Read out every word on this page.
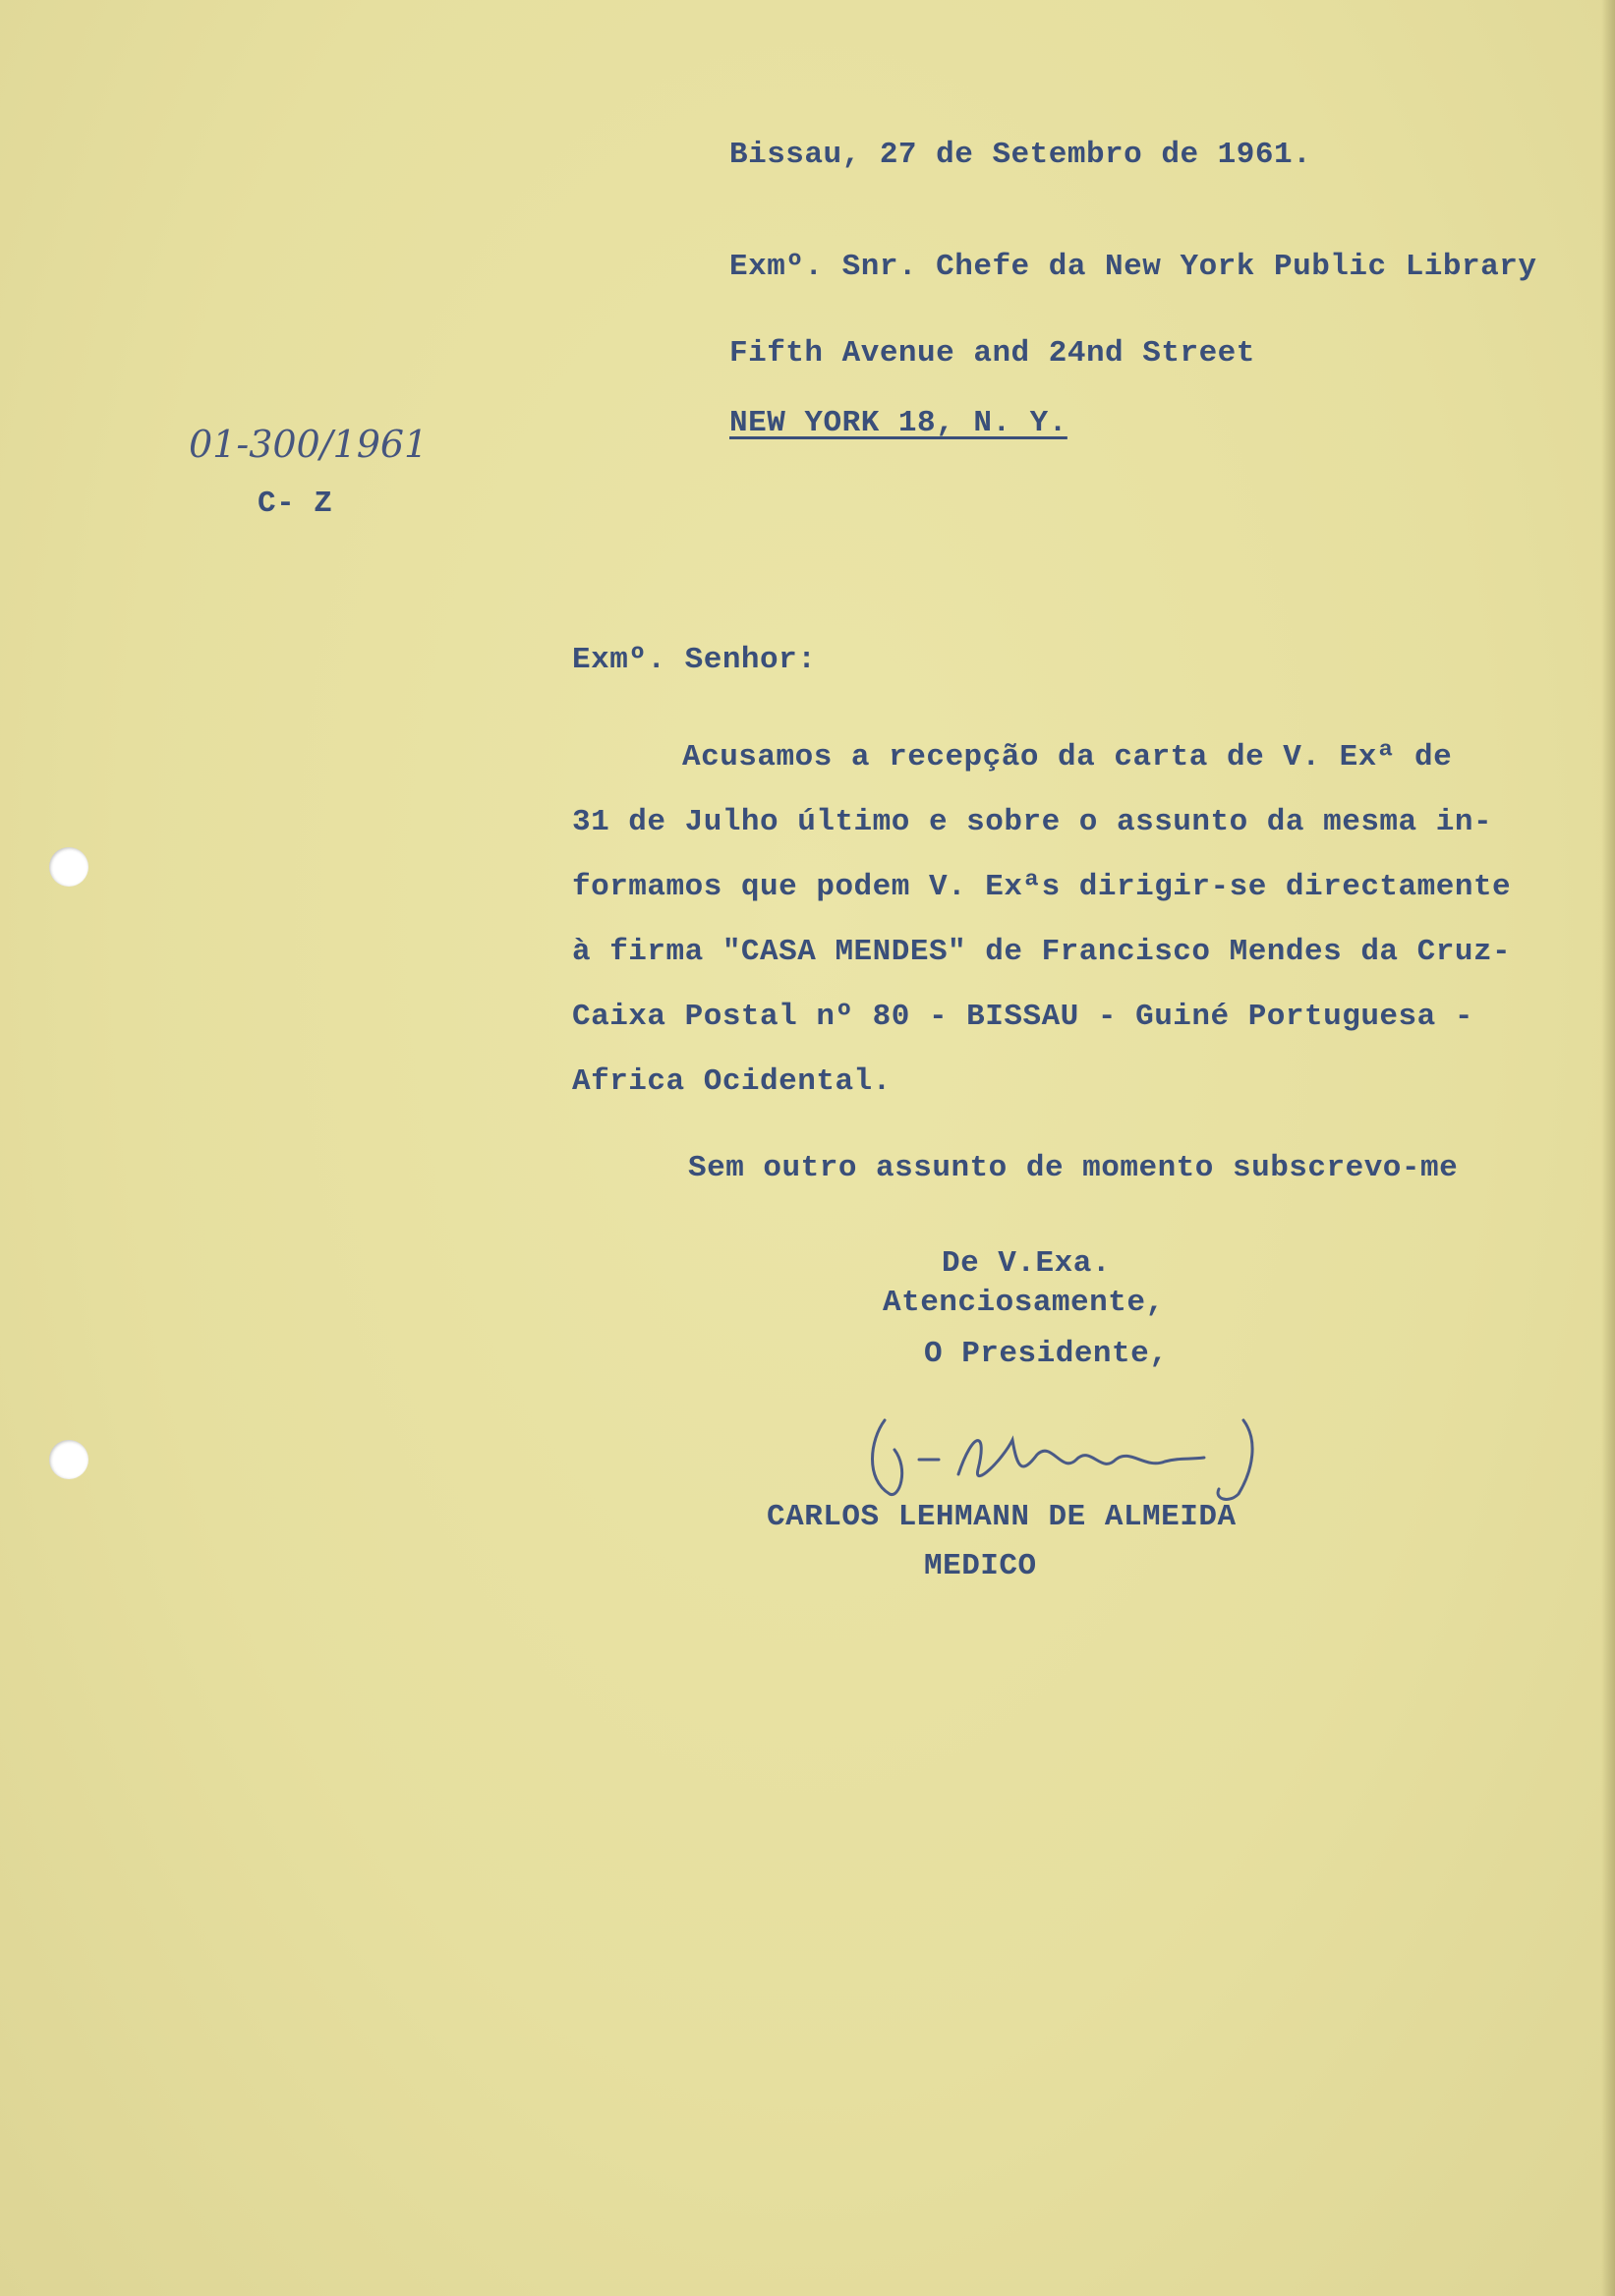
Bissau, 27 de Setembro de 1961.
Exmº. Snr. Chefe da New York Public Library
Fifth Avenue and 24nd Street
NEW YORK 18, N. Y.
01-300/1961
C- Z
Exmº. Senhor:
Acusamos a recepção da carta de V. Exª de
31 de Julho último e sobre o assunto da mesma in-
formamos que podem V. Exªs dirigir-se directamente
à firma "CASA MENDES" de Francisco Mendes da Cruz-
Caixa Postal nº 80 - BISSAU - Guiné Portuguesa -
Africa Ocidental.
Sem outro assunto de momento subscrevo-me
De V.Exa.
Atenciosamente,
O Presidente,
CARLOS LEHMANN DE ALMEIDA
MEDICO
